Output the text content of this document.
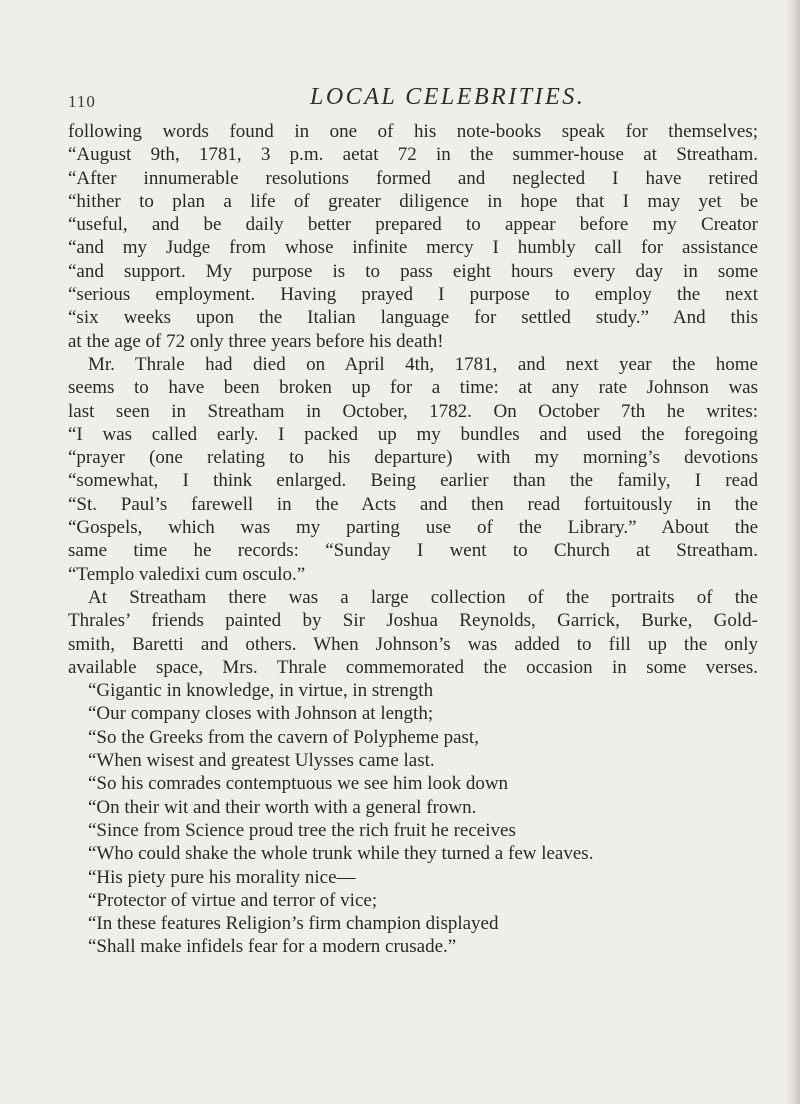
110	LOCAL CELEBRITIES.
following words found in one of his note-books speak for themselves;
“August 9th, 1781, 3 p.m. aetat 72 in the summer-house at Streatham.
“After innumerable resolutions formed and neglected I have retired
“hither to plan a life of greater diligence in hope that I may yet be
“useful, and be daily better prepared to appear before my Creator
“and my Judge from whose infinite mercy I humbly call for assistance
“and support. My purpose is to pass eight hours every day in some
“serious employment. Having prayed I purpose to employ the next
“six weeks upon the Italian language for settled study.” And this
at the age of 72 only three years before his death!
Mr. Thrale had died on April 4th, 1781, and next year the home
seems to have been broken up for a time: at any rate Johnson was
last seen in Streatham in October, 1782. On October 7th he writes:
“I was called early. I packed up my bundles and used the foregoing
“prayer (one relating to his departure) with my morning’s devotions
“somewhat, I think enlarged. Being earlier than the family, I read
“St. Paul’s farewell in the Acts and then read fortuitously in the
“Gospels, which was my parting use of the Library.” About the
same time he records: “Sunday I went to Church at Streatham.
“Templo valedixi cum osculo.”
At Streatham there was a large collection of the portraits of the
Thrales’ friends painted by Sir Joshua Reynolds, Garrick, Burke, Gold-
smith, Baretti and others. When Johnson’s was added to fill up the only
available space, Mrs. Thrale commemorated the occasion in some verses.
“Gigantic in knowledge, in virtue, in strength
“Our company closes with Johnson at length;
“So the Greeks from the cavern of Polypheme past,
“When wisest and greatest Ulysses came last.
“So his comrades contemptuous we see him look down
“On their wit and their worth with a general frown.
“Since from Science proud tree the rich fruit he receives
“Who could shake the whole trunk while they turned a few leaves.
“His piety pure his morality nice—
“Protector of virtue and terror of vice;
“In these features Religion’s firm champion displayed
“Shall make infidels fear for a modern crusade.”
